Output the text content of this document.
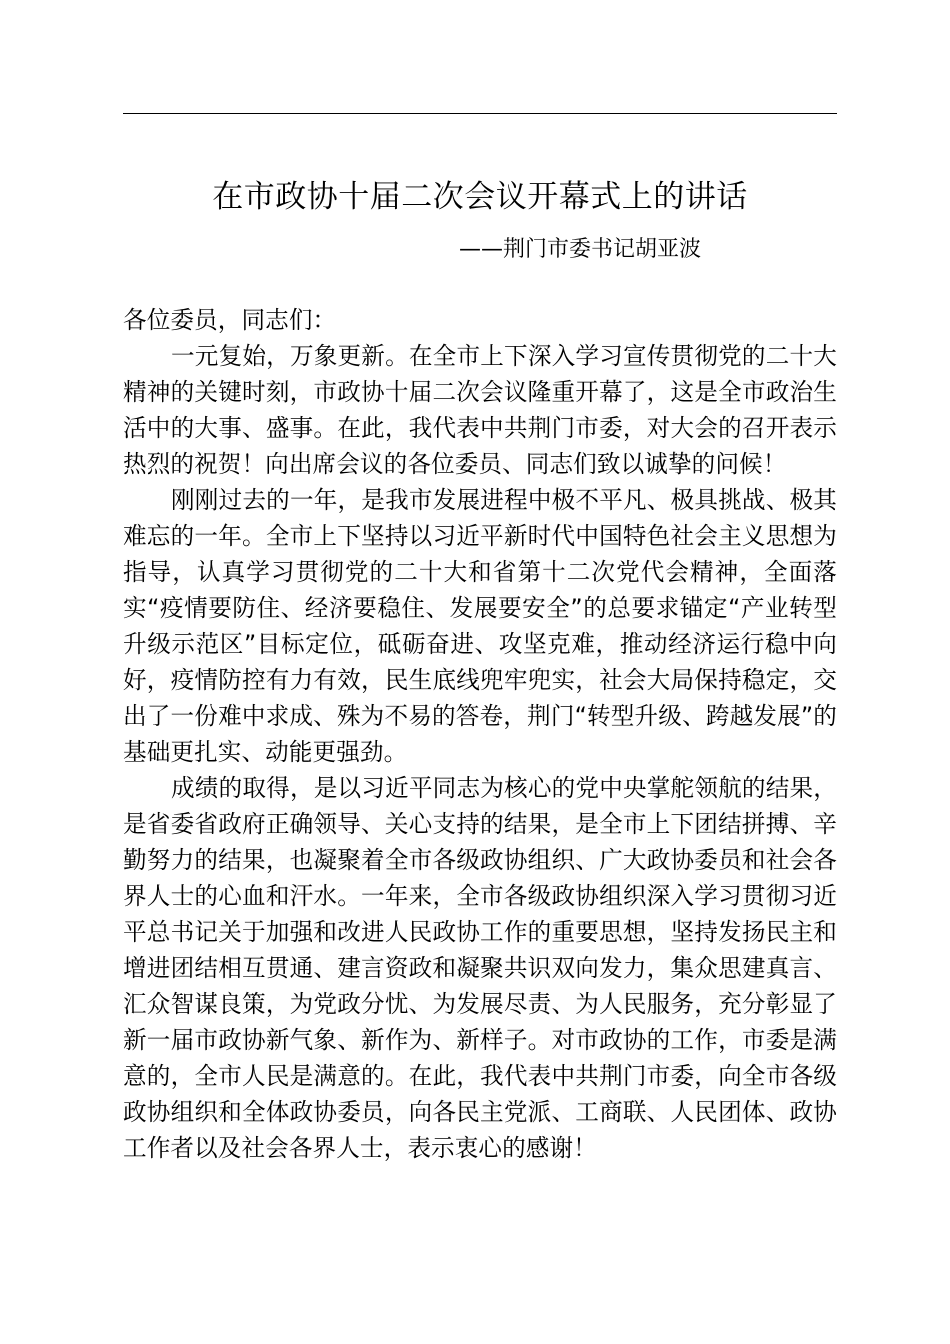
在市政协十届二次会议开幕式上的讲话
——荆门市委书记胡亚波

各位委员，同志们：

一元复始，万象更新。在全市上下深入学习宣传贯彻党的二十大精神的关键时刻，市政协十届二次会议隆重开幕了，这是全市政治生活中的大事、盛事。在此，我代表中共荆门市委，对大会的召开表示热烈的祝贺！向出席会议的各位委员、同志们致以诚挚的问候！

刚刚过去的一年，是我市发展进程中极不平凡、极具挑战、极其难忘的一年。全市上下坚持以习近平新时代中国特色社会主义思想为指导，认真学习贯彻党的二十大和省第十二次党代会精神，全面落实“疫情要防住、经济要稳住、发展要安全”的总要求锚定“产业转型升级示范区”目标定位，砥砺奋进、攻坚克难，推动经济运行稳中向好，疫情防控有力有效，民生底线兜牢兜实，社会大局保持稳定，交出了一份难中求成、殊为不易的答卷，荆门“转型升级、跨越发展”的基础更扎实、动能更强劲。

成绩的取得，是以习近平同志为核心的党中央掌舵领航的结果，是省委省政府正确领导、关心支持的结果，是全市上下团结拼搏、辛勤努力的结果，也凝聚着全市各级政协组织、广大政协委员和社会各界人士的心血和汗水。一年来，全市各级政协组织深入学习贯彻习近平总书记关于加强和改进人民政协工作的重要思想，坚持发扬民主和增进团结相互贯通、建言资政和凝聚共识双向发力，集众思建真言、汇众智谋良策，为党政分忧、为发展尽责、为人民服务，充分彰显了新一届市政协新气象、新作为、新样子。对市政协的工作，市委是满意的，全市人民是满意的。在此，我代表中共荆门市委，向全市各级政协组织和全体政协委员，向各民主党派、工商联、人民团体、政协工作者以及社会各界人士，表示衷心的感谢！
